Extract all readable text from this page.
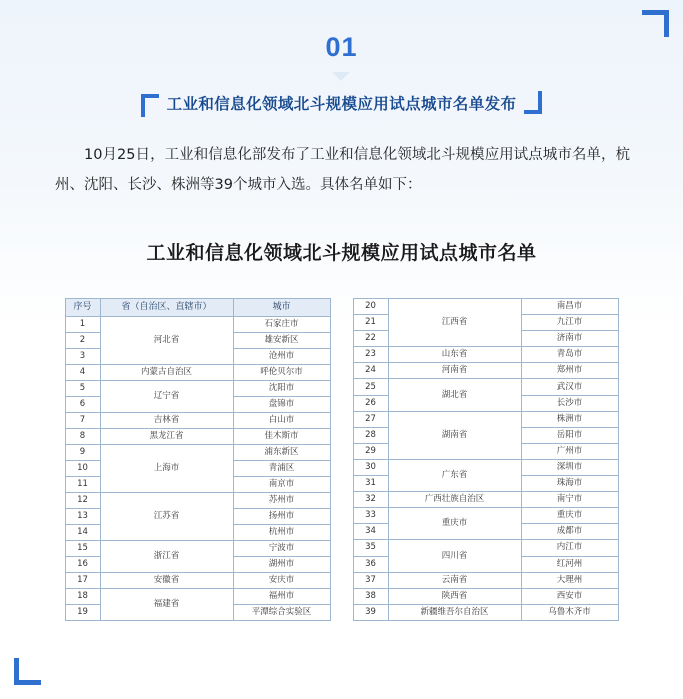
01
工业和信息化领域北斗规模应用试点城市名单发布
10月25日，工业和信息化部发布了工业和信息化领域北斗规模应用试点城市名单，杭州、沈阳、长沙、株洲等39个城市入选。具体名单如下：
工业和信息化领域北斗规模应用试点城市名单
序号	省（自治区、直辖市）	城市
1	河北省	石家庄市
2		雄安新区
3		沧州市
4	内蒙古自治区	呼伦贝尔市
5	辽宁省	沈阳市
6		盘锦市
7	吉林省	白山市
8	黑龙江省	佳木斯市
9	上海市	浦东新区
10		青浦区
11		南京市
12	江苏省	苏州市
13		扬州市
14		杭州市
15	浙江省	宁波市
16		湖州市
17	安徽省	安庆市
18	福建省	福州市
19		平潭综合实验区
20	江西省	南昌市
21		九江市
22		济南市
23	山东省	青岛市
24	河南省	郑州市
25	湖北省	武汉市
26		长沙市
27	湖南省	株洲市
28		岳阳市
29		广州市
30	广东省	深圳市
31		珠海市
32	广西壮族自治区	南宁市
33	重庆市	重庆市
34		成都市
35	四川省	内江市
36		红河州
37	云南省	大理州
38	陕西省	西安市
39	新疆维吾尔自治区	乌鲁木齐市
